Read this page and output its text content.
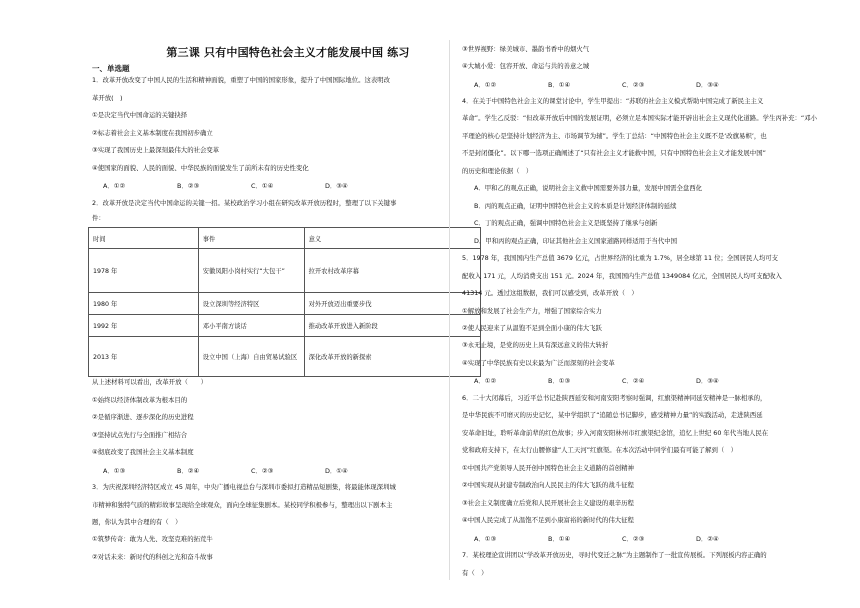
第三课 只有中国特色社会主义才能发展中国 练习
一、单选题
1．改革开放改变了中国人民的生活和精神面貌，重塑了中国的国家形象，提升了中国国际地位。这表明改
革开放(　)
①是决定当代中国命运的关键抉择
②标志着社会主义基本制度在我国初步确立
③实现了我国历史上最深刻最伟大的社会变革
④使国家的面貌、人民的面貌、中华民族的面貌发生了前所未有的历史性变化
A．①②	B．②③	C．①④	D．③④
2．改革开放是决定当代中国命运的关键一招。某校政治学习小组在研究改革开放历程时，整理了以下关键事
件：
时间	事件	意义
1978 年	安徽凤阳小岗村实行“大包干”	拉开农村改革序幕
1980 年	设立深圳等经济特区	对外开放迈出重要步伐
1992 年	邓小平南方谈话	推动改革开放进入新阶段
2013 年	设立中国（上海）自由贸易试验区	深化改革开放的新探索
从上述材料可以看出，改革开放（　　）
①始终以经济体制改革为根本目的
②是循序渐进、逐步深化的历史进程
③坚持试点先行与全面推广相结合
④彻底改变了我国社会主义基本制度
A．①③	B．②④	C．②③	D．①④
3．为庆祝深圳经济特区成立 45 周年，中央广播电视总台与深圳市委拟打造精品短剧集，将最能体现深圳城
市精神和独特气质的精彩故事呈现给全球观众，面向全球征集剧本。某校同学积极参与，整理出以下剧本主
题，你认为其中合理的有（　）
①筑梦传奇：敢为人先、攻坚克难的拓荒牛
②对话未来：新时代的科创之光和奋斗故事
③世界视野：绿美城市、墨韵书香中的烟火气
④大城小爱：包容开放、命运与共的善意之城
A．①②	B．①④	C．②③	D．③④
4．在关于中国特色社会主义的课堂讨论中，学生甲提出：“苏联的社会主义模式帮助中国完成了新民主主义
革命”。学生乙反驳：“但改革开放后中国的发展证明，必须立足本国实际才能开辟出社会主义现代化道路。学生丙补充：“邓小
平理论的核心是坚持计划经济为主、市场调节为辅”。学生丁总结：“中国特色社会主义既不是‘改旗易帜’，也
不是封闭僵化”。以下哪一选项正确阐述了“只有社会主义才能救中国，只有中国特色社会主义才能发展中国”
的历史和理论依据（　）
A．甲和乙的观点正确，说明社会主义救中国需要外部力量，发展中国需全盘西化
B．丙的观点正确，证明中国特色社会主义的本质是计划经济体制的延续
C．丁的观点正确，强调中国特色社会主义是既坚持了继承与创新
D．甲和丙的观点正确，印证其他社会主义国家道路同样适用于当代中国
5．1978 年，我国国内生产总值 3679 亿元，占世界经济的比重为 1.7%，居全球第 11 位；全国居民人均可支
配收入 171 元，人均消费支出 151 元。2024 年，我国国内生产总值 1349084 亿元，全国居民人均可支配收入
41314 元。透过这组数据，我们可以感受到，改革开放（　）
①解放和发展了社会生产力，增强了国家综合实力
②使人民迎来了从温饱不足到全面小康的伟大飞跃
③永无止境，是党的历史上具有深远意义的伟大转折
④实现了中华民族有史以来最为广泛而深刻的社会变革
A．①②	B．①③	C．②④	D．③④
6．二十大闭幕后，习近平总书记赴陕西延安和河南安阳考察时强调，红旗渠精神同延安精神是一脉相承的，
是中华民族不可磨灭的历史记忆，某中学组织了“追随总书记脚步，感受精神力量”的实践活动，走进陕西延
安革命旧址，聆听革命前辈的红色故事；步入河南安阳林州市红旗渠纪念馆，追忆上世纪 60 年代当地人民在
党和政府支持下，在太行山腰修建“人工天河”红旗渠。在本次活动中同学们最有可能了解到（　）
①中国共产党领导人民开创中国特色社会主义道路的首创精神
②中国实现从封建专制政治向人民民主的伟大飞跃的战斗征程
③社会主义制度确立后党和人民开展社会主义建设的艰辛历程
④中国人民完成了从温饱不足到小康富裕的新时代的伟大征程
A．①③	B．①④	C．②③	D．②④
7．某校理论宣讲团以“学改革开放历史，寻时代变迁之脉”为主题制作了一批宣传展板。下列展板内容正确的
有（　）
